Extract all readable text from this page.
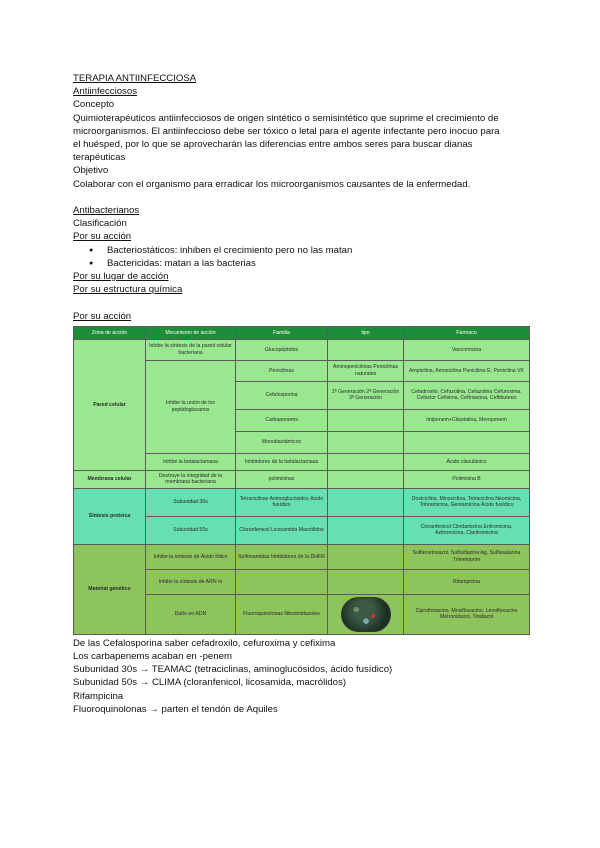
TERAPIA ANTIINFECCIOSA

Antiinfecciosos

Concepto

Quimioterapéuticos antiinfecciosos de origen sintético o semisintético que suprime el crecimiento de

microorganismos. El antiinfeccioso debe ser tóxico o letal para el agente infectante pero inocuo para

el huésped, por lo que se aprovecharán las diferencias entre ambos seres para buscar dianas

terapéuticas

Objetivo

Colaborar con el organismo para erradicar los microorganismos causantes de la enfermedad.

Antibacterianos

Clasificación

Por su acción

● Bacteriostáticos: inhiben el crecimiento pero no las matan
● Bactericidas: matan a las bacterias

Por su lugar de acción

Por su estructura química

Por su acción

Zona de acción	Mecanismo de acción	Familia	tipo	Fármaco
Pared celular	Inhibe la síntesis de la pared celular bacteriana	Glucopéptidos		Vancomicina
	Inhibe la unión de los peptidoglucanos	Penicilinas	Aminopenicilinas Penicilinas naturales	Ampicilina, Amoxicilina Penicilina G, Penicilina VK
		Cefalosporina	1ª Generación 2ª Generación 3ª Generación	Cefadroxilo, Cefazolina, Cefazolina Cefuroxima, Cefaclor Cefixima, Ceftriaxona, Ceftibuteno
		Carbapenems		Imipenem+Cilastatina, Meropenem
		Monobactámicos		
	Inhibe la betalactamasa	Inhibidores de la betalactamasa		Ácido clavulánico
Membrana celular	Destruye la integridad de la membrana bacteriana	polimixinas		Polimixina B
Síntesis proteica	Subunidad 30s	Tetraciclinas Aminoglucósidos Ácido fusídico		Doxiciclina, Minociclina, Tetraciclina Neomicina, Tobramicina, Gentamicina Ácido fusídico
	Subunidad 50s	Cloranfenicol Licosamida Macrólidos		Cloranfenicol Clindamicina Eritromicina, Azitromicina, Claritromicina
Material genético	Inhibe la síntesis de Ácido fólico	Sulfonamidas Inhibidores de la DHFR		Sulfametoxazol, Sulfadiazina Ag, Sulfasalazina Trimetoprim
	Inhibe la síntesis de ARN m			Rifampicina
	Daño en ADN	Fluoroquinolonas Nitroimidazoles		Ciprofloxacino, Moxifloxacino, Levofloxacino Metronidazol, Tinidazol

De las Cefalosporina saber cefadroxilo, cefuroxima y cefixima

Los carbapenems acaban en -penem

Subunidad 30s → TEAMAC (tetraciclinas, aminoglucósidos, ácido fusídico)

Subunidad 50s → CLIMA (cloranfenicol, licosamida, macrólidos)

Rifampicina

Fluoroquinolonas → parten el tendón de Aquiles
